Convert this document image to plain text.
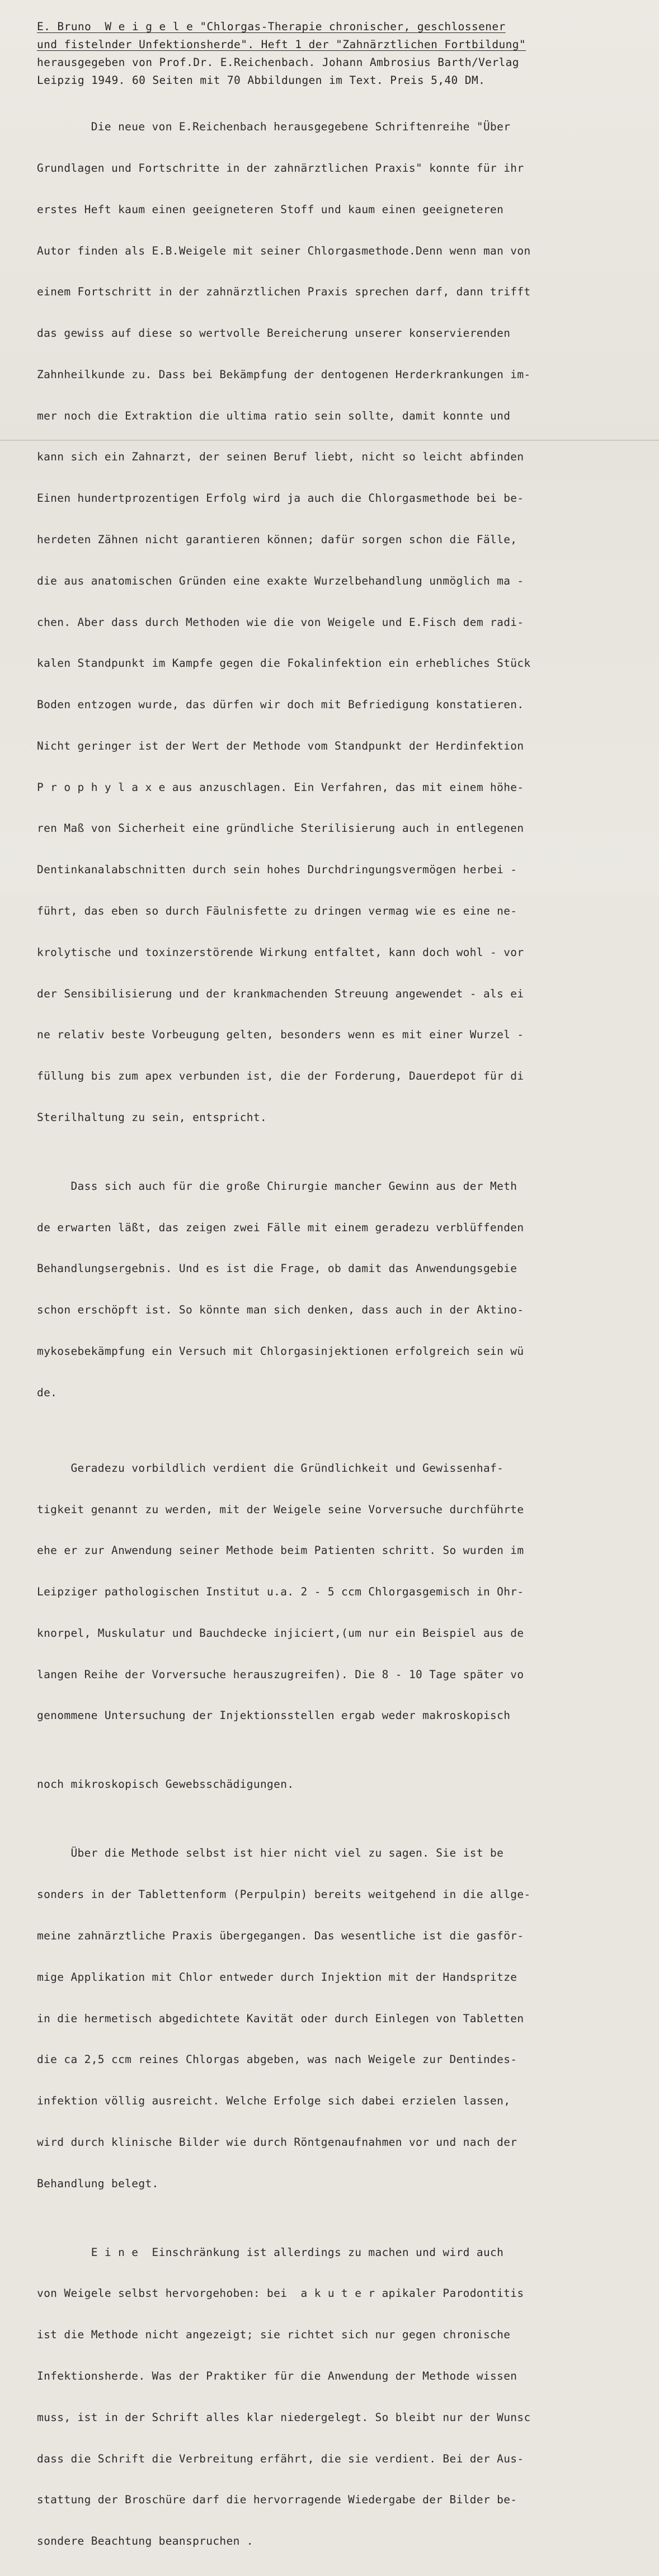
E. Bruno  W e i g e l e "Chlorgas-Therapie chronischer, geschlossener
und fistelnder Unfektionsherde". Heft 1 der "Zahnärztlichen Fortbildung"
herausgegeben von Prof.Dr. E.Reichenbach. Johann Ambrosius Barth/Verlag
Leipzig 1949. 60 Seiten mit 70 Abbildungen im Text. Preis 5,40 DM.

Die neue von E.Reichenbach herausgegebene Schriftenreihe "Über

Grundlagen und Fortschritte in der zahnärztlichen Praxis" konnte für ihr

erstes Heft kaum einen geeigneteren Stoff und kaum einen geeigneteren

Autor finden als E.B.Weigele mit seiner Chlorgasmethode.Denn wenn man von

einem Fortschritt in der zahnärztlichen Praxis sprechen darf, dann trifft

das gewiss auf diese so wertvolle Bereicherung unserer konservierenden

Zahnheilkunde zu. Dass bei Bekämpfung der dentogenen Herderkrankungen im-

mer noch die Extraktion die ultima ratio sein sollte, damit konnte und

kann sich ein Zahnarzt, der seinen Beruf liebt, nicht so leicht abfinden

Einen hundertprozentigen Erfolg wird ja auch die Chlorgasmethode bei be-

herdeten Zähnen nicht garantieren können; dafür sorgen schon die Fälle,

die aus anatomischen Gründen eine exakte Wurzelbehandlung unmöglich ma -

chen. Aber dass durch Methoden wie die von Weigele und E.Fisch dem radi-

kalen Standpunkt im Kampfe gegen die Fokalinfektion ein erhebliches Stück

Boden entzogen wurde, das dürfen wir doch mit Befriedigung konstatieren.

Nicht geringer ist der Wert der Methode vom Standpunkt der Herdinfektion

P r o p h y l a x e aus anzuschlagen. Ein Verfahren, das mit einem höhe-

ren Maß von Sicherheit eine gründliche Sterilisierung auch in entlegenen

Dentinkanalabschnitten durch sein hohes Durchdringungsvermögen herbei -

führt, das eben so durch Fäulnisfette zu dringen vermag wie es eine ne-

krolytische und toxinzerstörende Wirkung entfaltet, kann doch wohl - vor

der Sensibilisierung und der krankmachenden Streuung angewendet - als ei

ne relativ beste Vorbeugung gelten, besonders wenn es mit einer Wurzel -

füllung bis zum apex verbunden ist, die der Forderung, Dauerdepot für di

Sterilhaltung zu sein, entspricht.

Dass sich auch für die große Chirurgie mancher Gewinn aus der Meth

de erwarten läßt, das zeigen zwei Fälle mit einem geradezu verblüffenden

Behandlungsergebnis. Und es ist die Frage, ob damit das Anwendungsgebie

schon erschöpft ist. So könnte man sich denken, dass auch in der Aktino-

mykosebekämpfung ein Versuch mit Chlorgasinjektionen erfolgreich sein wü

de.

Geradezu vorbildlich verdient die Gründlichkeit und Gewissenhaf-

tigkeit genannt zu werden, mit der Weigele seine Vorversuche durchführte

ehe er zur Anwendung seiner Methode beim Patienten schritt. So wurden im

Leipziger pathologischen Institut u.a. 2 - 5 ccm Chlorgasgemisch in Ohr-

knorpel, Muskulatur und Bauchdecke injiciert,(um nur ein Beispiel aus de

langen Reihe der Vorversuche herauszugreifen). Die 8 - 10 Tage später vo

genommene Untersuchung der Injektionsstellen ergab weder makroskopisch

noch mikroskopisch Gewebsschädigungen.

Über die Methode selbst ist hier nicht viel zu sagen. Sie ist be

sonders in der Tablettenform (Perpulpin) bereits weitgehend in die allge-

meine zahnärztliche Praxis übergegangen. Das wesentliche ist die gasför-

mige Applikation mit Chlor entweder durch Injektion mit der Handspritze

in die hermetisch abgedichtete Kavität oder durch Einlegen von Tabletten

die ca 2,5 ccm reines Chlorgas abgeben, was nach Weigele zur Dentindes-

infektion völlig ausreicht. Welche Erfolge sich dabei erzielen lassen,

wird durch klinische Bilder wie durch Röntgenaufnahmen vor und nach der

Behandlung belegt.

E i n e  Einschränkung ist allerdings zu machen und wird auch

von Weigele selbst hervorgehoben: bei  a k u t e r apikaler Parodontitis

ist die Methode nicht angezeigt; sie richtet sich nur gegen chronische

Infektionsherde. Was der Praktiker für die Anwendung der Methode wissen

muss, ist in der Schrift alles klar niedergelegt. So bleibt nur der Wunsc

dass die Schrift die Verbreitung erfährt, die sie verdient. Bei der Aus-

stattung der Broschüre darf die hervorragende Wiedergabe der Bilder be-

sondere Beachtung beanspruchen .
